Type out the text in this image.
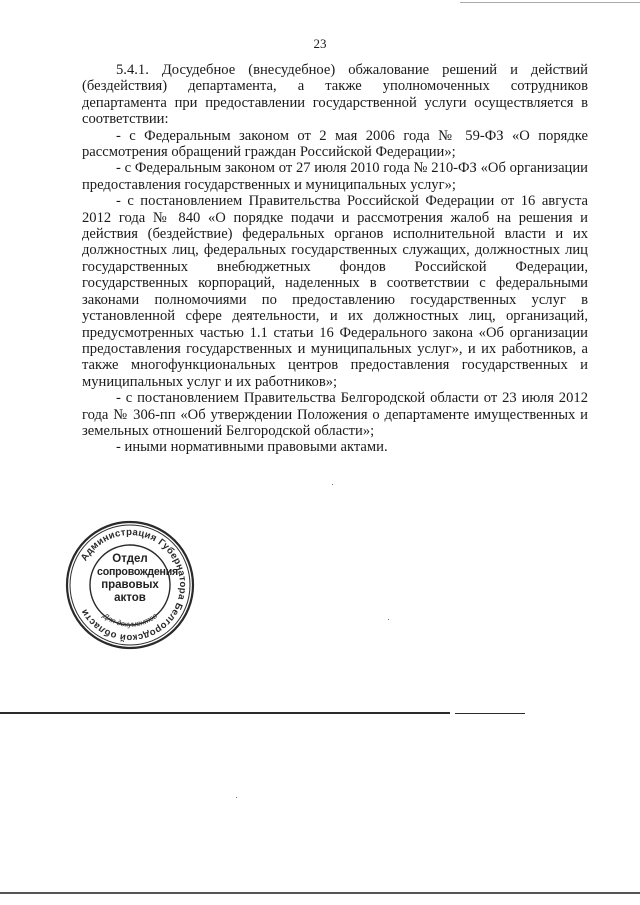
23

5.4.1. Досудебное (внесудебное) обжалование решений и действий (бездействия) департамента, а также уполномоченных сотрудников департамента при предоставлении государственной услуги осуществляется в соответствии:

- с Федеральным законом от 2 мая 2006 года № 59-ФЗ «О порядке рассмотрения обращений граждан Российской Федерации»;

- с Федеральным законом от 27 июля 2010 года № 210-ФЗ «Об организации предоставления государственных и муниципальных услуг»;

- с постановлением Правительства Российской Федерации от 16 августа 2012 года № 840 «О порядке подачи и рассмотрения жалоб на решения и действия (бездействие) федеральных органов исполнительной власти и их должностных лиц, федеральных государственных служащих, должностных лиц государственных внебюджетных фондов Российской Федерации, государственных корпораций, наделенных в соответствии с федеральными законами полномочиями по предоставлению государственных услуг в установленной сфере деятельности, и их должностных лиц, организаций, предусмотренных частью 1.1 статьи 16 Федерального закона «Об организации предоставления государственных и муниципальных услуг», и их работников, а также многофункциональных центров предоставления государственных и муниципальных услуг и их работников»;

- с постановлением Правительства Белгородской области от 23 июля 2012 года № 306-пп «Об утверждении Положения о департаменте имущественных и земельных отношений Белгородской области»;

- иными нормативными правовыми актами.

Администрация Губернатора Белгородской области	Для документов
Отдел
сопровождения
правовых
актов
